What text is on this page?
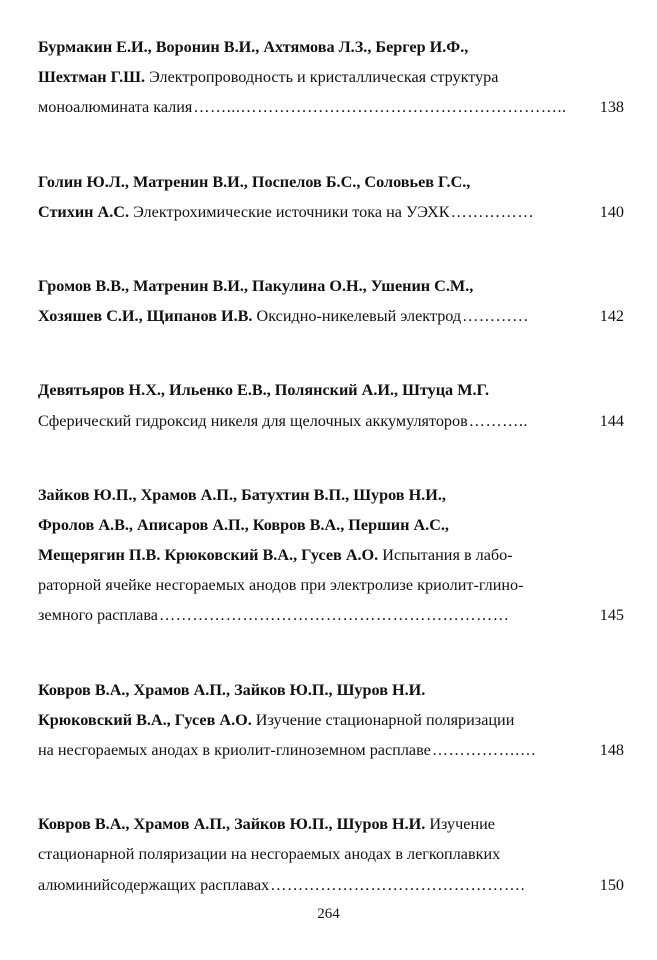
Бурмакин Е.И., Воронин В.И., Ахтямова Л.З., Бергер И.Ф.,
Шехтман Г.Ш. Электропроводность и кристаллическая структура
моноалюмината калия ……...…………………………………………………..	138
Голин Ю.Л., Матренин В.И., Поспелов Б.С., Соловьев Г.С.,
Стихин А.С. Электрохимические источники тока на УЭХК ……………	140
Громов В.В., Матренин В.И., Пакулина О.Н., Ушенин С.М.,
Хозяшев С.И., Щипанов И.В. Оксидно-никелевый электрод …………	142
Девятьяров Н.Х., Ильенко Е.В., Полянский А.И., Штуца М.Г.
Сферический гидроксид никеля для щелочных аккумуляторов ………..	144
Зайков Ю.П., Храмов А.П., Батухтин В.П., Шуров Н.И.,
Фролов А.В., Аписаров А.П., Ковров В.А., Першин А.С.,
Мещерягин П.В. Крюковский В.А., Гусев А.О. Испытания в лабо-
раторной ячейке несгораемых анодов при электролизе криолит-глино-
земного расплава ………………………………………………………	145
Ковров В.А., Храмов А.П., Зайков Ю.П., Шуров Н.И.
Крюковский В.А., Гусев А.О. Изучение стационарной поляризации
на несгораемых анодах в криолит-глиноземном расплаве …………….…	148
Ковров В.А., Храмов А.П., Зайков Ю.П., Шуров Н.И. Изучение
стационарной поляризации на несгораемых анодах в легкоплавких
алюминийсодержащих расплавах ……………………………………….	150
264
